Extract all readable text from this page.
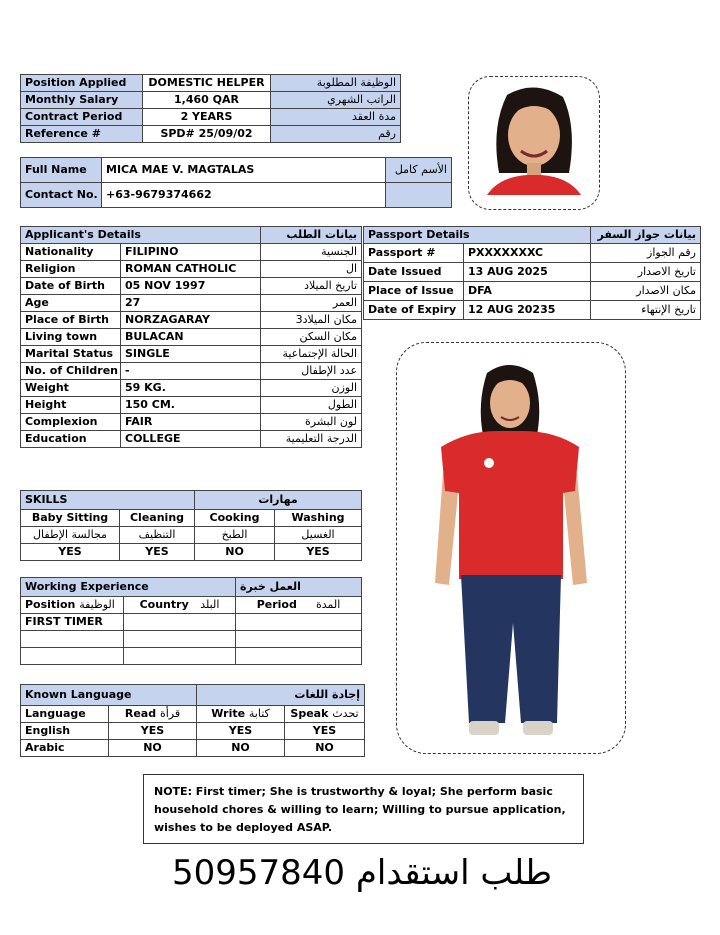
Position Applied	DOMESTIC HELPER	الوظيفة المطلوبة
Monthly Salary	1,460 QAR	الراتب الشهري
Contract Period	2 YEARS	مدة العقد
Reference #	SPD# 25/09/02	رقم
Full Name	MICA MAE V. MAGTALAS	الأسم كامل
Contact No.	+63-9679374662	
Applicant's Details		بيانات الطلب
Nationality	FILIPINO	الجنسية
Religion	ROMAN CATHOLIC	ال
Date of Birth	05 NOV 1997	تاريخ الميلاد
Age	27	العمر
Place of Birth	NORZAGARAY	مكان الميلاد3
Living town	BULACAN	مكان السكن
Marital Status	SINGLE	الحالة الإجتماعية
No. of Children	-	عدد الإطفال
Weight	59 KG.	الوزن
Height	150 CM.	الطول
Complexion	FAIR	لون البشرة
Education	COLLEGE	الدرجة التعليمية
Passport Details		بيانات جواز السفر
Passport #	PXXXXXXXC	رقم الجواز
Date Issued	13 AUG 2025	تاريخ الاصدار
Place of Issue	DFA	مكان الاصدار
Date of Expiry	12 AUG 20235	تاريخ الإنتهاء
SKILLS		مهارات	
Baby Sitting	Cleaning	Cooking	Washing
مجالسة الإطفال	التنظيف	الطبخ	الغسيل
YES	YES	NO	YES
Working Experience		العمل خبرة
Position الوظيفة	Country البلد	Period المدة
FIRST TIMER		

Known Language		إجادة اللغات	
Language	Read قرأة	Write كتابة	Speak تحدث
English	YES	YES	YES
Arabic	NO	NO	NO
NOTE: First timer; She is trustworthy & loyal; She perform basic household chores & willing to learn; Willing to pursue application, wishes to be deployed ASAP.
50957840 طلب استقدام
